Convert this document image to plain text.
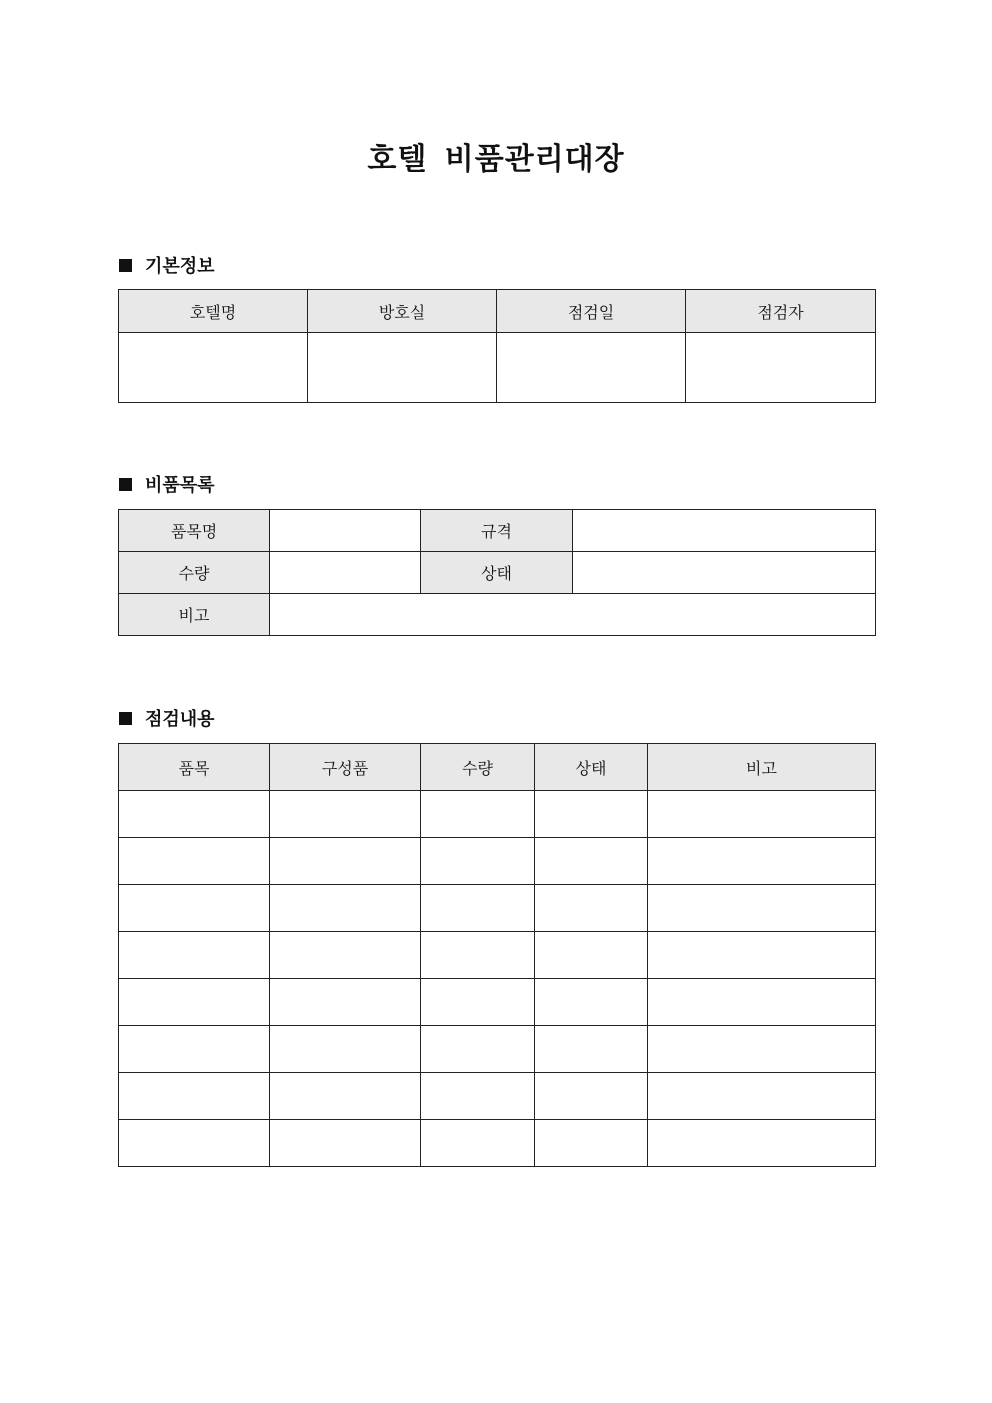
호텔 비품관리대장
기본정보
호텔명	방호실	점검일	점검자

비품목록
품목명		규격	
수량		상태	
비고			
점검내용
품목	구성품	수량	상태	비고
